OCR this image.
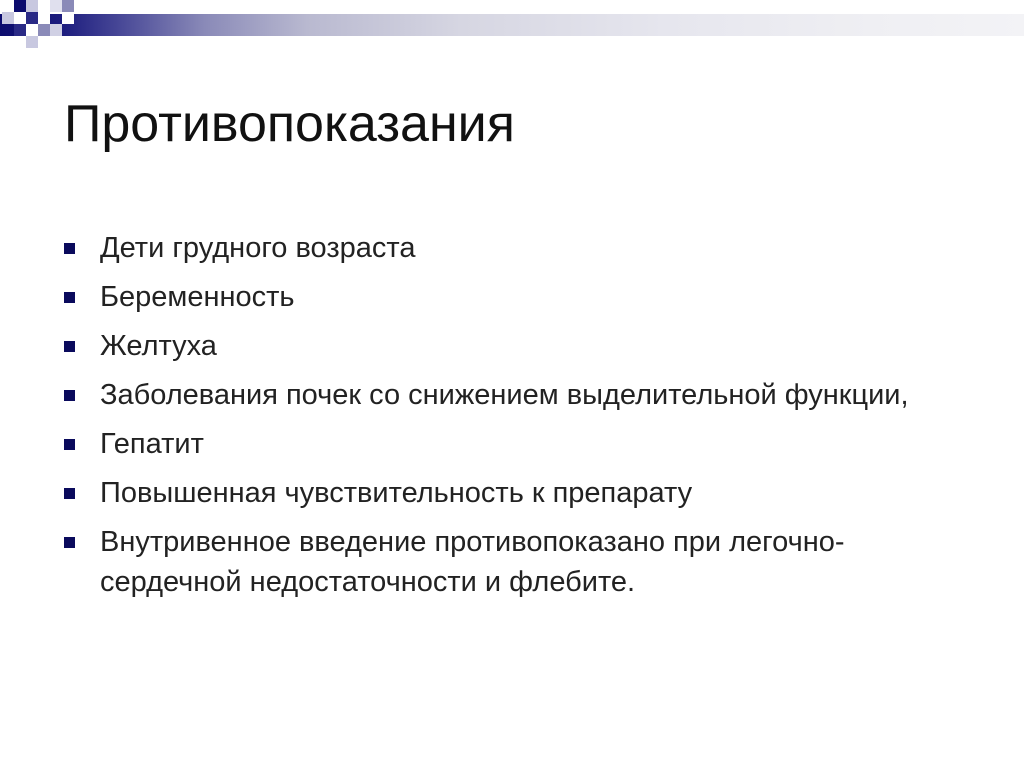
Противопоказания
Дети грудного возраста
Беременность
Желтуха
Заболевания почек со снижением выделительной функции,
Гепатит
Повышенная чувствительность к препарату
Внутривенное введение противопоказано при легочно-сердечной недостаточности и флебите.
